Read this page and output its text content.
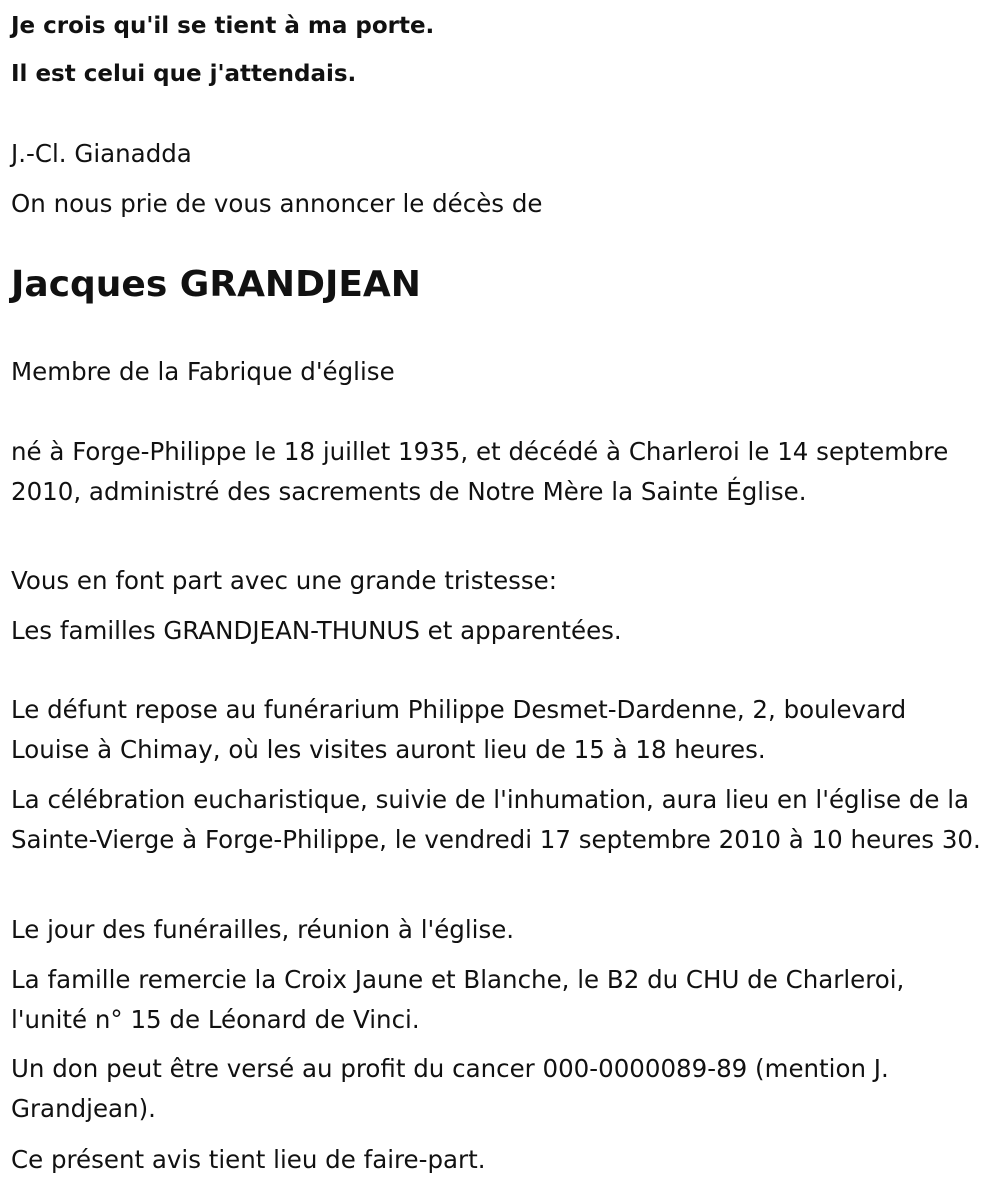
Je crois qu'il se tient à ma porte.
Il est celui que j'attendais.
J.-Cl. Gianadda
On nous prie de vous annoncer le décès de
Jacques GRANDJEAN
Membre de la Fabrique d'église
né à Forge-Philippe le 18 juillet 1935, et décédé à Charleroi le 14 septembre 2010, administré des sacrements de Notre Mère la Sainte Église.
Vous en font part avec une grande tristesse:
Les familles GRANDJEAN-THUNUS et apparentées.
Le défunt repose au funérarium Philippe Desmet-Dardenne, 2, boulevard Louise à Chimay, où les visites auront lieu de 15 à 18 heures.
La célébration eucharistique, suivie de l'inhumation, aura lieu en l'église de la Sainte-Vierge à Forge-Philippe, le vendredi 17 septembre 2010 à 10 heures 30.
Le jour des funérailles, réunion à l'église.
La famille remercie la Croix Jaune et Blanche, le B2 du CHU de Charleroi, l'unité n° 15 de Léonard de Vinci.
Un don peut être versé au profit du cancer 000-0000089-89 (mention J. Grandjean).
Ce présent avis tient lieu de faire-part.
